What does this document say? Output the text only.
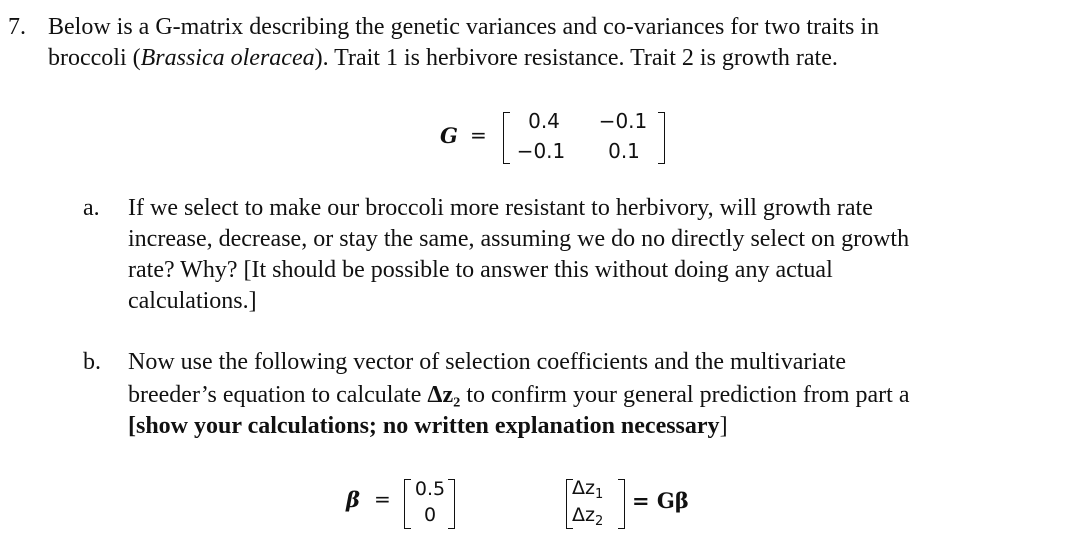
7. Below is a G-matrix describing the genetic variances and co-variances for two traits in
broccoli (Brassica oleracea). Trait 1 is herbivore resistance. Trait 2 is growth rate.
G =
0.4	−0.1
−0.1	0.1
a. If we select to make our broccoli more resistant to herbivory, will growth rate
increase, decrease, or stay the same, assuming we do no directly select on growth
rate? Why? [It should be possible to answer this without doing any actual
calculations.]
b. Now use the following vector of selection coefficients and the multivariate
breeder’s equation to calculate Δz₂ to confirm your general prediction from part a
[show your calculations; no written explanation necessary]
β = 0.5
0
$\Delta z_1$
$\Delta z_2$
= Gβ
